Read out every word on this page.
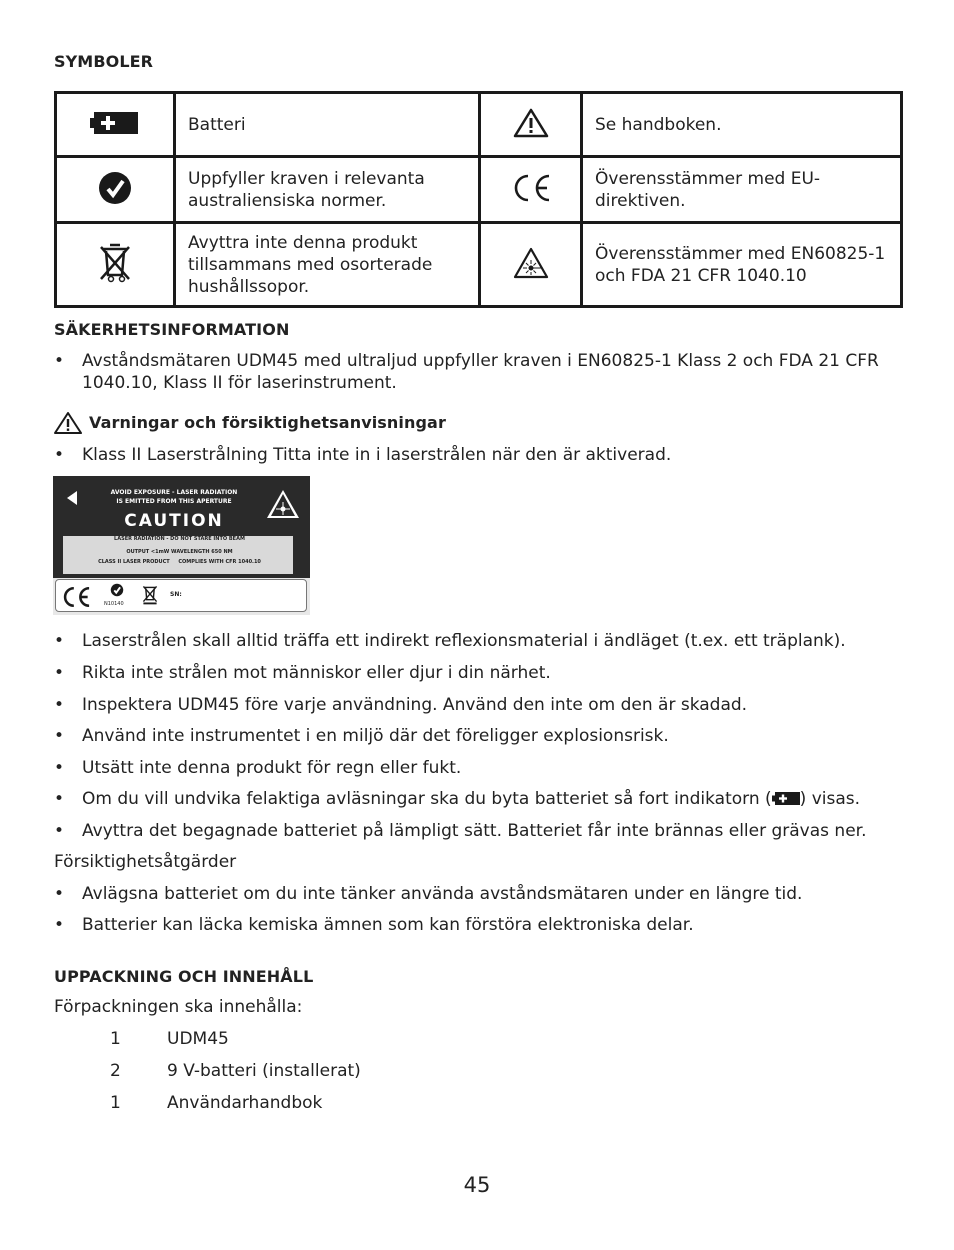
SYMBOLER
	Batteri		Se handboken.
	Uppfyller kraven i relevanta australiensiska normer.		Överensstämmer med EU-direktiven.
	Avyttra inte denna produkt tillsammans med osorterade hushållssopor.		Överensstämmer med EN60825-1 och FDA 21 CFR 1040.10
SÄKERHETSINFORMATION
• Avståndsmätaren UDM45 med ultraljud uppfyller kraven i EN60825-1 Klass 2 och FDA 21 CFR 1040.10, Klass II för laserinstrument.
Varningar och försiktighetsanvisningar
• Klass II Laserstrålning Titta inte in i laserstrålen när den är aktiverad.
AVOID EXPOSURE - LASER RADIATION
IS EMITTED FROM THIS APERTURE
CAUTION
LASER RADIATION - DO NOT STARE INTO BEAM
OUTPUT <1mW WAVELENGTH 650 NM
CLASS II LASER PRODUCT     COMPLIES WITH CFR 1040.10
N10140
SN:
• Laserstrålen skall alltid träffa ett indirekt reflexionsmaterial i ändläget (t.ex. ett träplank).
• Rikta inte strålen mot människor eller djur i din närhet.
• Inspektera UDM45 före varje användning. Använd den inte om den är skadad.
• Använd inte instrumentet i en miljö där det föreligger explosionsrisk.
• Utsätt inte denna produkt för regn eller fukt.
• Om du vill undvika felaktiga avläsningar ska du byta batteriet så fort indikatorn ( ) visas.
• Avyttra det begagnade batteriet på lämpligt sätt. Batteriet får inte brännas eller grävas ner.
Försiktighetsåtgärder
• Avlägsna batteriet om du inte tänker använda avståndsmätaren under en längre tid.
• Batterier kan läcka kemiska ämnen som kan förstöra elektroniska delar.
UPPACKNING OCH INNEHÅLL
Förpackningen ska innehålla:
1	UDM45
2	9 V-batteri (installerat)
1	Användarhandbok
45
